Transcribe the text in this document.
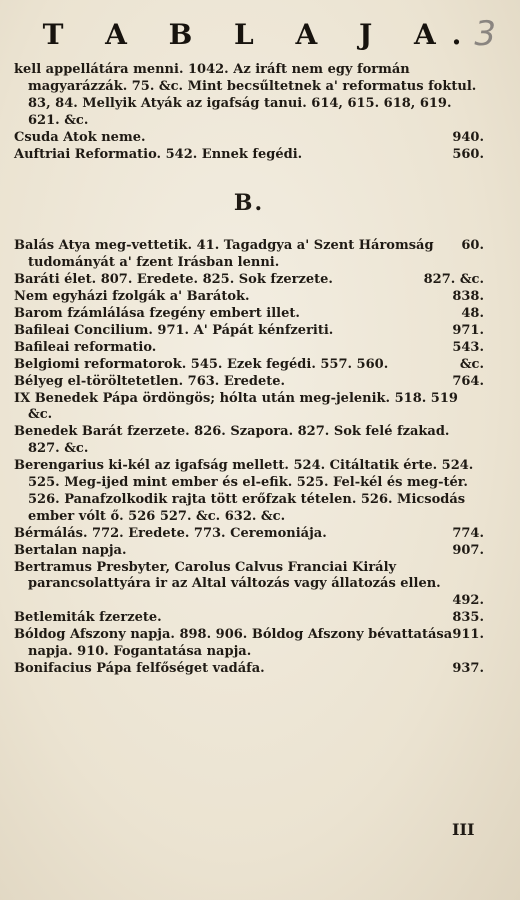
T A B L A J A.
3

kell appellátára menni. 1042. Az iráft nem egy formán magyarázzák. 75. &c. Mint becsűltetnek a' reformatus foktul. 83, 84. Mellyik Atyák az igafság tanui. 614, 615. 618, 619. 621. &c.

940.
Csuda Atok neme.

560.
Auftriai Reformatio. 542. Ennek fegédi.

B.

60.
Balás Atya meg-vettetik. 41. Tagadgya a' Szent Háromság tudományát a' fzent Irásban lenni.

827. &c.
Baráti élet. 807. Eredete. 825. Sok fzerzete.

838.
Nem egyházi fzolgák a' Barátok.

48.
Barom fzámlálása fzegény embert illet.

971.
Bafileai Concilium. 971. A' Pápát kénfzeriti.

543.
Bafileai reformatio.

&c.
Belgiomi reformatorok. 545. Ezek fegédi. 557. 560.

764.
Bélyeg el-töröltetetlen. 763. Eredete.

IX Benedek Pápa ördöngös; hólta után meg-jelenik. 518. 519 &c.

Benedek Barát fzerzete. 826. Szapora. 827. Sok felé fzakad. 827. &c.

Berengarius ki-kél az igafság mellett. 524. Citáltatik érte. 524. 525. Meg-ijed mint ember és el-efik. 525. Fel-kél és meg-tér. 526. Panafzolkodik rajta tött erőfzak tételen. 526. Micsodás ember vólt ő. 526 527. &c. 632. &c.

774.
Bérmálás. 772. Eredete. 773. Ceremoniája.

907.
Bertalan napja.

Bertramus Presbyter, Carolus Calvus Franciai Király parancsolattyára ir az Altal változás vagy állatozás ellen.
492.

835.
Betlemiták fzerzete.

911.
Bóldog Afszony napja. 898. 906. Bóldog Afszony bévattatása napja. 910. Fogantatása napja.

937.
Bonifacius Pápa felfőséget vadáfa.

III
